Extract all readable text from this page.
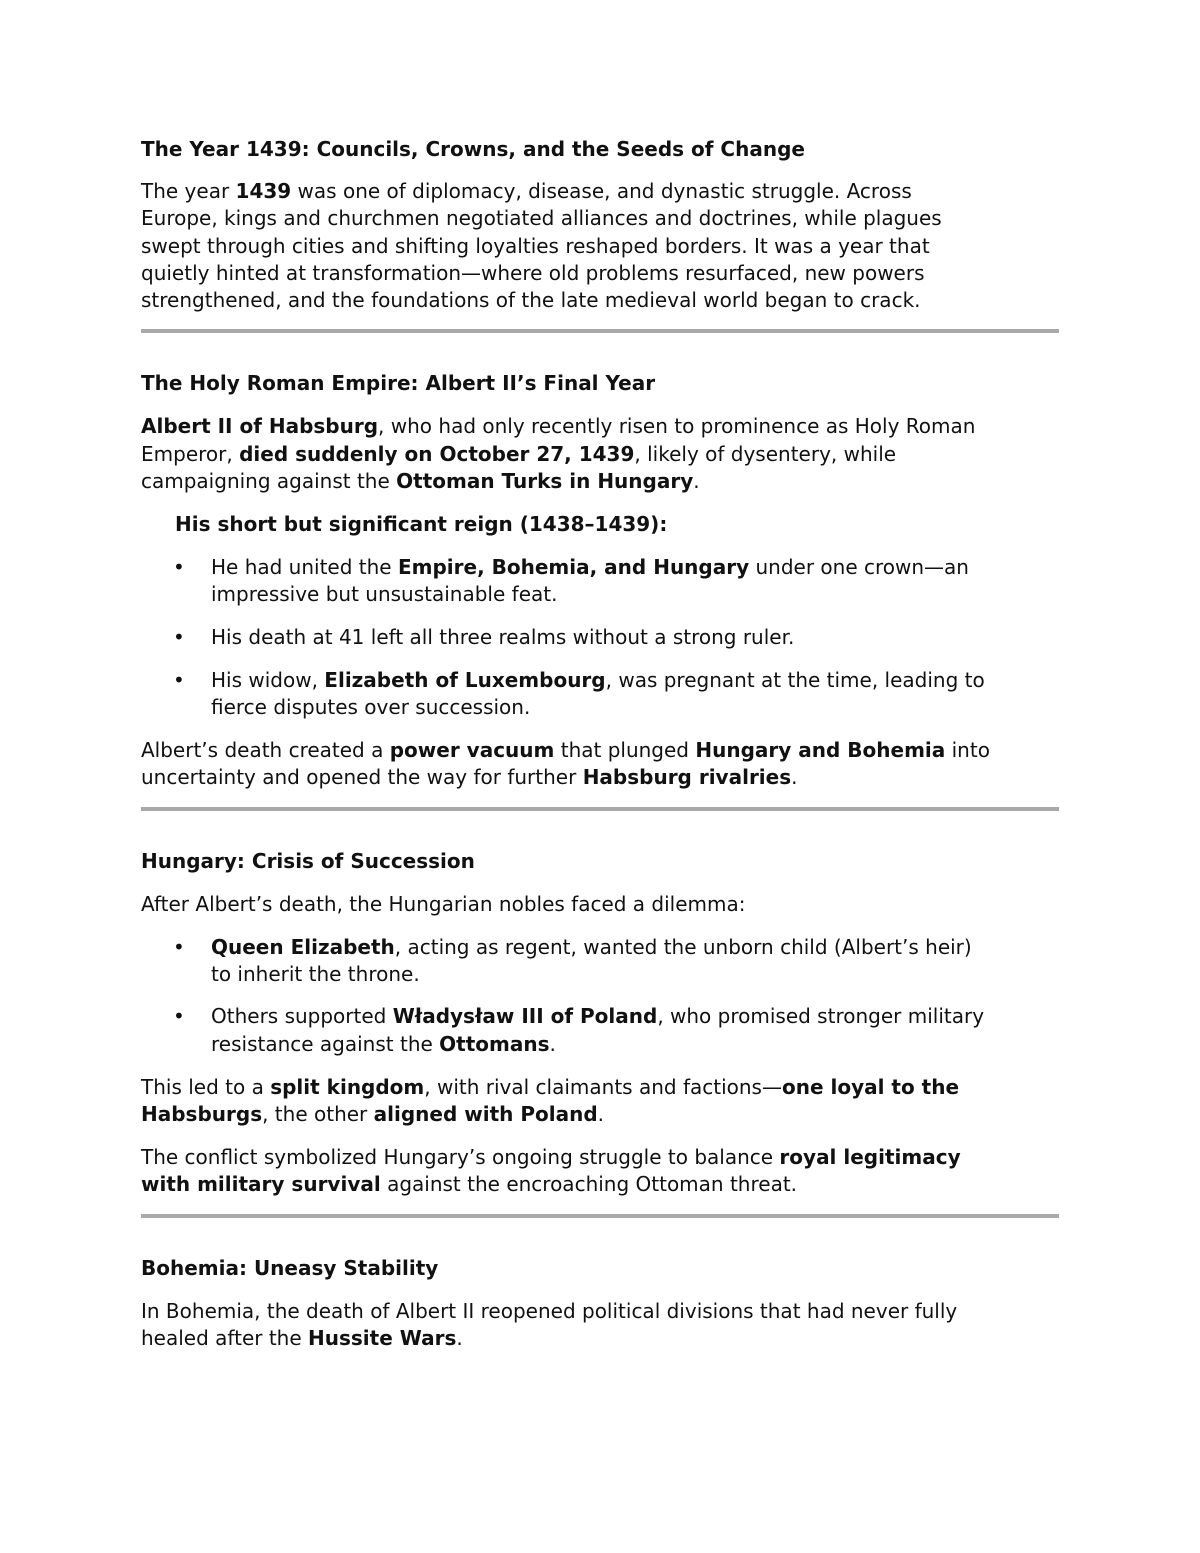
The Year 1439: Councils, Crowns, and the Seeds of Change

The year 1439 was one of diplomacy, disease, and dynastic struggle. Across

Europe, kings and churchmen negotiated alliances and doctrines, while plagues

swept through cities and shifting loyalties reshaped borders. It was a year that

quietly hinted at transformation—where old problems resurfaced, new powers

strengthened, and the foundations of the late medieval world began to crack.

The Holy Roman Empire: Albert II’s Final Year

Albert II of Habsburg, who had only recently risen to prominence as Holy Roman

Emperor, died suddenly on October 27, 1439, likely of dysentery, while

campaigning against the Ottoman Turks in Hungary.

His short but significant reign (1438–1439):

• He had united the Empire, Bohemia, and Hungary under one crown—an

impressive but unsustainable feat.

• His death at 41 left all three realms without a strong ruler.

• His widow, Elizabeth of Luxembourg, was pregnant at the time, leading to

fierce disputes over succession.

Albert’s death created a power vacuum that plunged Hungary and Bohemia into

uncertainty and opened the way for further Habsburg rivalries.

Hungary: Crisis of Succession

After Albert’s death, the Hungarian nobles faced a dilemma:

• Queen Elizabeth, acting as regent, wanted the unborn child (Albert’s heir)

to inherit the throne.

• Others supported Władysław III of Poland, who promised stronger military

resistance against the Ottomans.

This led to a split kingdom, with rival claimants and factions—one loyal to the

Habsburgs, the other aligned with Poland.

The conflict symbolized Hungary’s ongoing struggle to balance royal legitimacy

with military survival against the encroaching Ottoman threat.

Bohemia: Uneasy Stability

In Bohemia, the death of Albert II reopened political divisions that had never fully

healed after the Hussite Wars.
